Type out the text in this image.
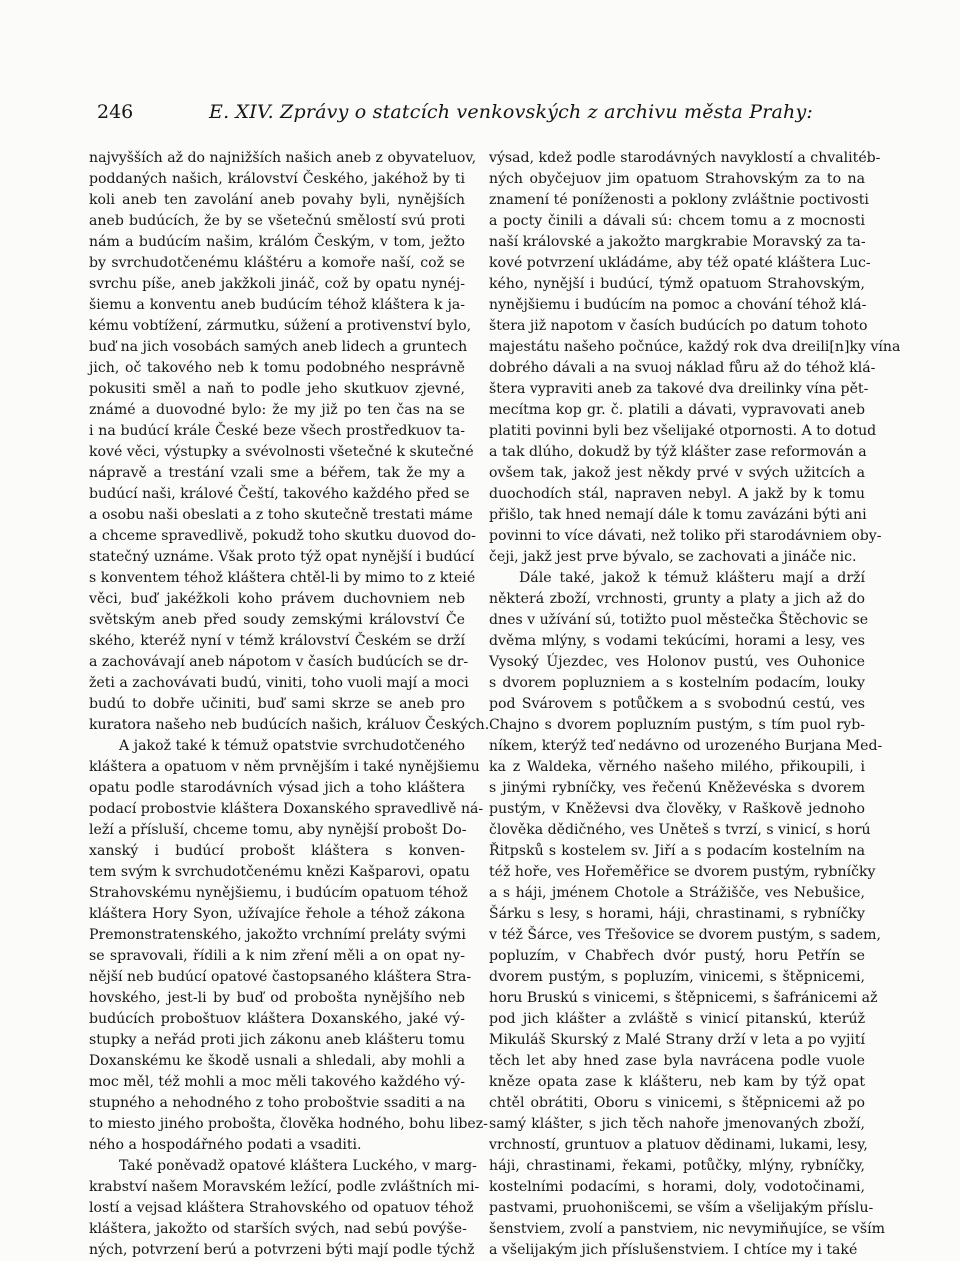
246	E. XIV. Zprávy o statcích venkovských z archivu města Prahy:
najvyšších až do najnižších našich aneb z obyvateluov,
poddaných našich, království Českého, jakéhož by ti
koli aneb ten zavolání aneb povahy byli, nynějších
aneb budúcích, že by se všetečnú smělostí svú proti
nám a budúcím našim, králóm Českým, v tom, ježto
by svrchudotčenému kláštéru a komoře naší, což se
svrchu píše, aneb jakžkoli jináč, což by opatu nynéj-
šiemu a konventu aneb budúcím téhož kláštera k ja-
kému vobtížení, zármutku, súžení a protivenství bylo,
buď na jich vosobách samých aneb lidech a gruntech
jich, oč takového neb k tomu podobného nesprávně
pokusiti směl a naň to podle jeho skutkuov zjevné,
známé a duovodné bylo: že my již po ten čas na se
i na budúcí krále České beze všech prostředkuov ta-
kové věci, výstupky a svévolnosti všetečné k skutečné
nápravě a trestání vzali sme a béřem, tak že my a
budúcí naši, králové Čeští, takového každého před se
a osobu naši obeslati a z toho skutečně trestati máme
a chceme spravedlivě, pokudž toho skutku duovod do-
statečný uznáme. Však proto týž opat nynější i budúcí
s konventem téhož kláštera chtěl-li by mimo to z kteié
věci, buď jakéžkoli koho právem duchovniem neb
světským aneb před soudy zemskými království Če
ského, kteréž nyní v témž království Českém se drží
a zachovávají aneb nápotom v časích budúcích se dr-
žeti a zachovávati budú, viniti, toho vuoli mají a moci
budú to dobře učiniti, buď sami skrze se aneb pro
kuratora našeho neb budúcích našich, králuov Českých.
A jakož také k témuž opatstvie svrchudotčeného
kláštera a opatuom v něm prvnějším i také nynějšiemu
opatu podle starodávních výsad jich a toho kláštera
podací probostvie kláštera Doxanského spravedlivě ná-
leží a přísluší, chceme tomu, aby nynější probošt Do-
xanský i budúcí probošt kláštera s konven-
tem svým k svrchudotčenému knězi Kašparovi, opatu
Strahovskému nynějšiemu, i budúcím opatuom téhož
kláštera Hory Syon, užívajíce řehole a téhož zákona
Premonstratenského, jakožto vrchnímí preláty svými
se spravovali, řídili a k nim zření měli a on opat ny-
nější neb budúcí opatové častopsaného kláštera Stra-
hovského, jest-li by buď od probošta nynějšího neb
budúcích proboštuov kláštera Doxanského, jaké vý-
stupky a neřád proti jich zákonu aneb klášteru tomu
Doxanskému ke škodě usnali a shledali, aby mohli a
moc měl, též mohli a moc měli takového každého vý-
stupného a nehodného z toho proboštvie ssaditi a na
to miesto jiného probošta, člověka hodného, bohu libez-
ného a hospodářného podati a vsaditi.
Také poněvadž opatové kláštera Luckého, v marg-
krabství našem Moravském ležící, podle zvláštních mi-
lostí a vejsad kláštera Strahovského od opatuov téhož
kláštera, jakožto od starších svých, nad sebú povýše-
ných, potvrzení berú a potvrzeni býti mají podle týchž
výsad, kdež podle starodávných navyklostí a chvalitéb-
ných obyčejuov jim opatuom Strahovským za to na
znamení té poníženosti a poklony zvláštnie poctivosti
a pocty činili a dávali sú: chcem tomu a z mocnosti
naší královské a jakožto margkrabie Moravský za ta-
kové potvrzení ukládáme, aby též opaté kláštera Luc-
kého, nynější i budúcí, týmž opatuom Strahovským,
nynějšiemu i budúcím na pomoc a chování téhož klá-
štera již napotom v časích budúcích po datum tohoto
majestátu našeho počnúce, každý rok dva dreili[n]ky vína
dobrého dávali a na svuoj náklad fůru až do téhož klá-
štera vypraviti aneb za takové dva dreilinky vína pět-
mecítma kop gr. č. platili a dávati, vypravovati aneb
platiti povinni byli bez všelijaké otpornosti. A to dotud
a tak dlúho, dokudž by týž klášter zase reformován a
ovšem tak, jakož jest někdy prvé v svých užitcích a
duochodích stál, napraven nebyl. A jakž by k tomu
přišlo, tak hned nemají dále k tomu zavázáni býti ani
povinni to více dávati, než toliko při starodávniem oby-
čeji, jakž jest prve bývalo, se zachovati a jináče nic.
Dále také, jakož k témuž klášteru mají a drží
některá zboží, vrchnosti, grunty a platy a jich až do
dnes v užívání sú, totižto puol městečka Štěchovic se
dvěma mlýny, s vodami tekúcími, horami a lesy, ves
Vysoký Újezdec, ves Holonov pustú, ves Ouhonice
s dvorem popluzniem a s kostelním podacím, louky
pod Svárovem s potůčkem a s svobodnú cestú, ves
Chajno s dvorem popluzním pustým, s tím puol ryb-
níkem, kterýž teď nedávno od urozeného Burjana Med-
ka z Waldeka, věrného našeho milého, přikoupili, i
s jinými rybníčky, ves řečenú Kněževéska s dvorem
pustým, v Kněževsi dva člověky, v Raškově jednoho
člověka dědičného, ves Uněteš s tvrzí, s vinicí, s horú
Řitpsků s kostelem sv. Jiří a s podacím kostelním na
též hoře, ves Hořeměřice se dvorem pustým, rybníčky
a s háji, jménem Chotole a Strážišče, ves Nebušice,
Šárku s lesy, s horami, háji, chrastinami, s rybníčky
v též Šárce, ves Třešovice se dvorem pustým, s sadem,
popluzím, v Chabřech dvór pustý, horu Petřín se
dvorem pustým, s popluzím, vinicemi, s štěpnicemi,
horu Bruskú s vinicemi, s štěpnicemi, s šafránicemi až
pod jich klášter a zvláště s vinicí pitanskú, kterúž
Mikuláš Skurský z Malé Strany drží v leta a po vyjití
těch let aby hned zase byla navrácena podle vuole
kněze opata zase k klášteru, neb kam by týž opat
chtěl obrátiti, Oboru s vinicemi, s štěpnicemi až po
samý klášter, s jich těch nahoře jmenovaných zboží,
vrchností, gruntuov a platuov dědinami, lukami, lesy,
háji, chrastinami, řekami, potůčky, mlýny, rybníčky,
kostelními podacími, s horami, doly, vodotočinami,
pastvami, pruohonišcemi, se vším a všelijakým příslu-
šenstviem, zvolí a panstviem, nic nevymiňujíce, se vším
a všelijakým jich příslušenstviem. I chtíce my i také
